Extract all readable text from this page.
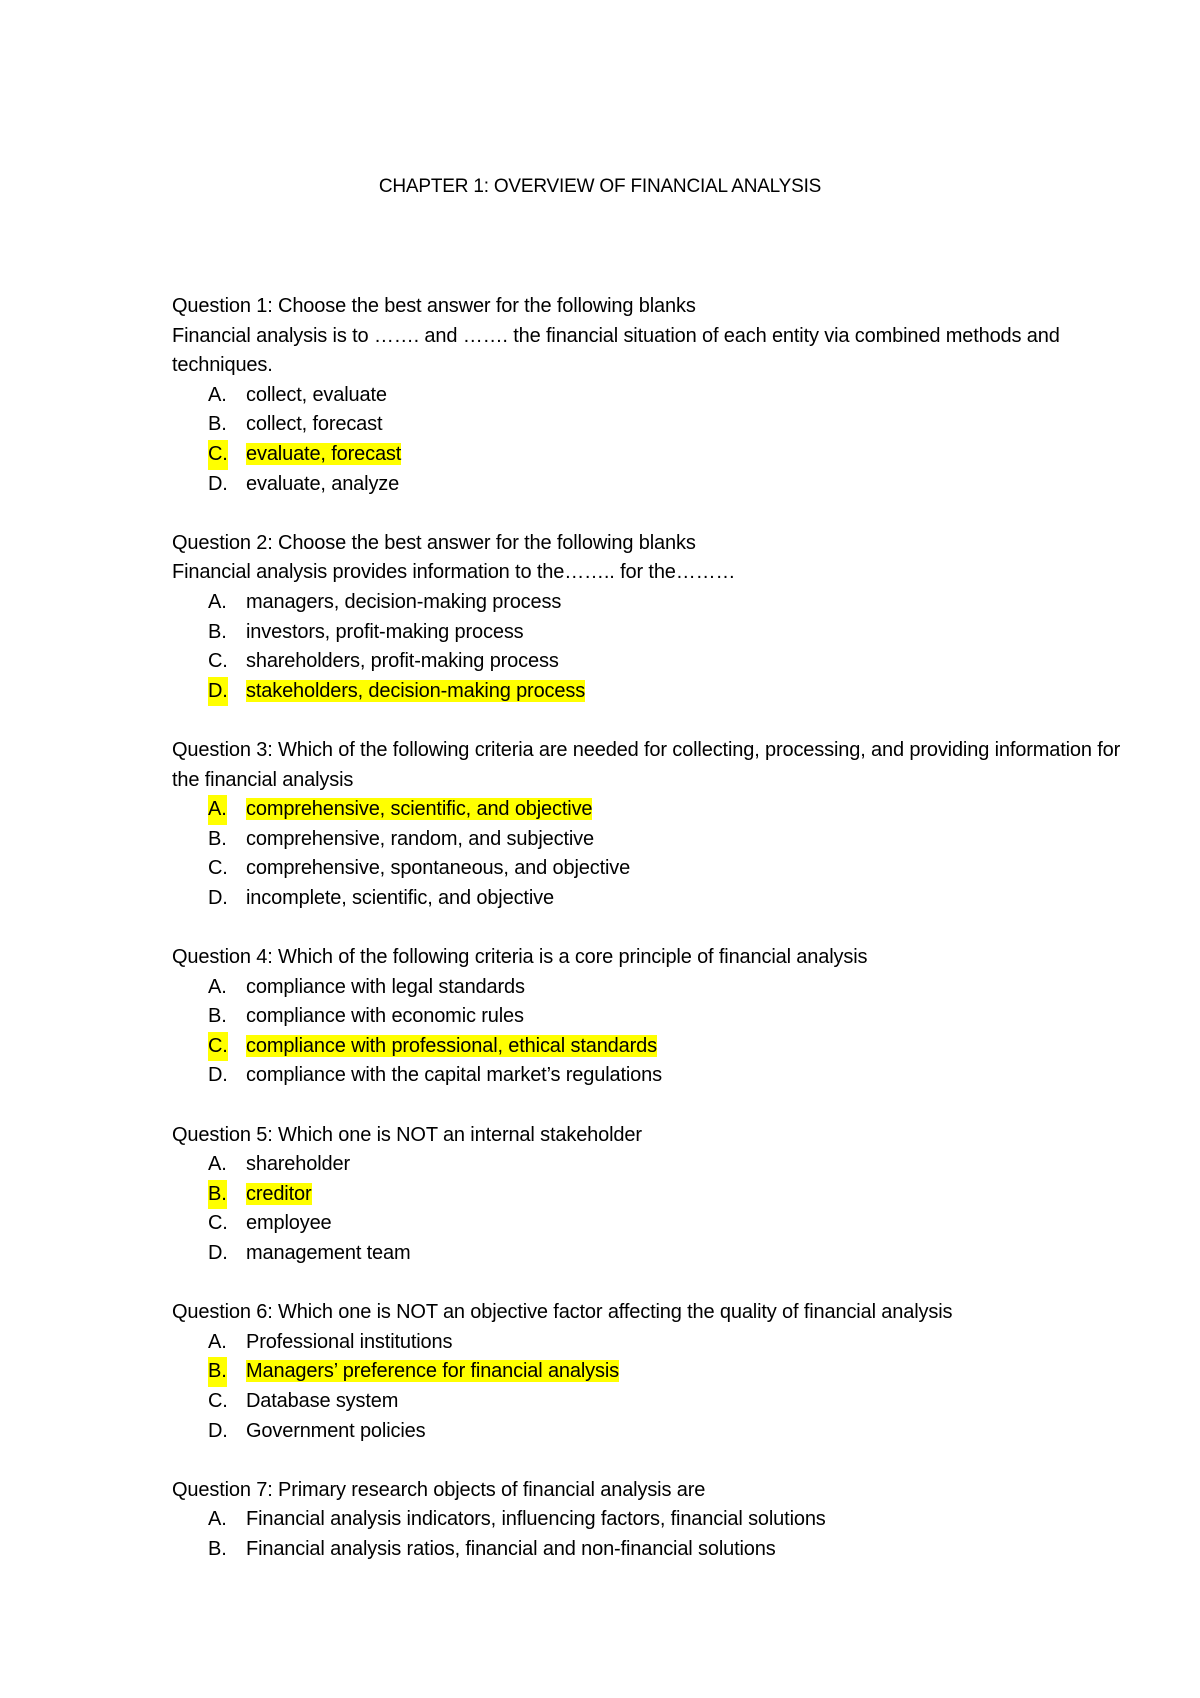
CHAPTER 1: OVERVIEW OF FINANCIAL ANALYSIS

Question 1: Choose the best answer for the following blanks

Financial analysis is to ……. and ……. the financial situation of each entity via combined methods and techniques.

A. collect, evaluate
B. collect, forecast
C. evaluate, forecast
D. evaluate, analyze

Question 2: Choose the best answer for the following blanks

Financial analysis provides information to the…….. for the………

A. managers, decision-making process
B. investors, profit-making process
C. shareholders, profit-making process
D. stakeholders, decision-making process

Question 3: Which of the following criteria are needed for collecting, processing, and providing information for the financial analysis

A. comprehensive, scientific, and objective
B. comprehensive, random, and subjective
C. comprehensive, spontaneous, and objective
D. incomplete, scientific, and objective

Question 4: Which of the following criteria is a core principle of financial analysis

A. compliance with legal standards
B. compliance with economic rules
C. compliance with professional, ethical standards
D. compliance with the capital market’s regulations

Question 5: Which one is NOT an internal stakeholder

A. shareholder
B. creditor
C. employee
D. management team

Question 6: Which one is NOT an objective factor affecting the quality of financial analysis

A. Professional institutions
B. Managers’ preference for financial analysis
C. Database system
D. Government policies

Question 7: Primary research objects of financial analysis are

A. Financial analysis indicators, influencing factors, financial solutions
B. Financial analysis ratios, financial and non-financial solutions
